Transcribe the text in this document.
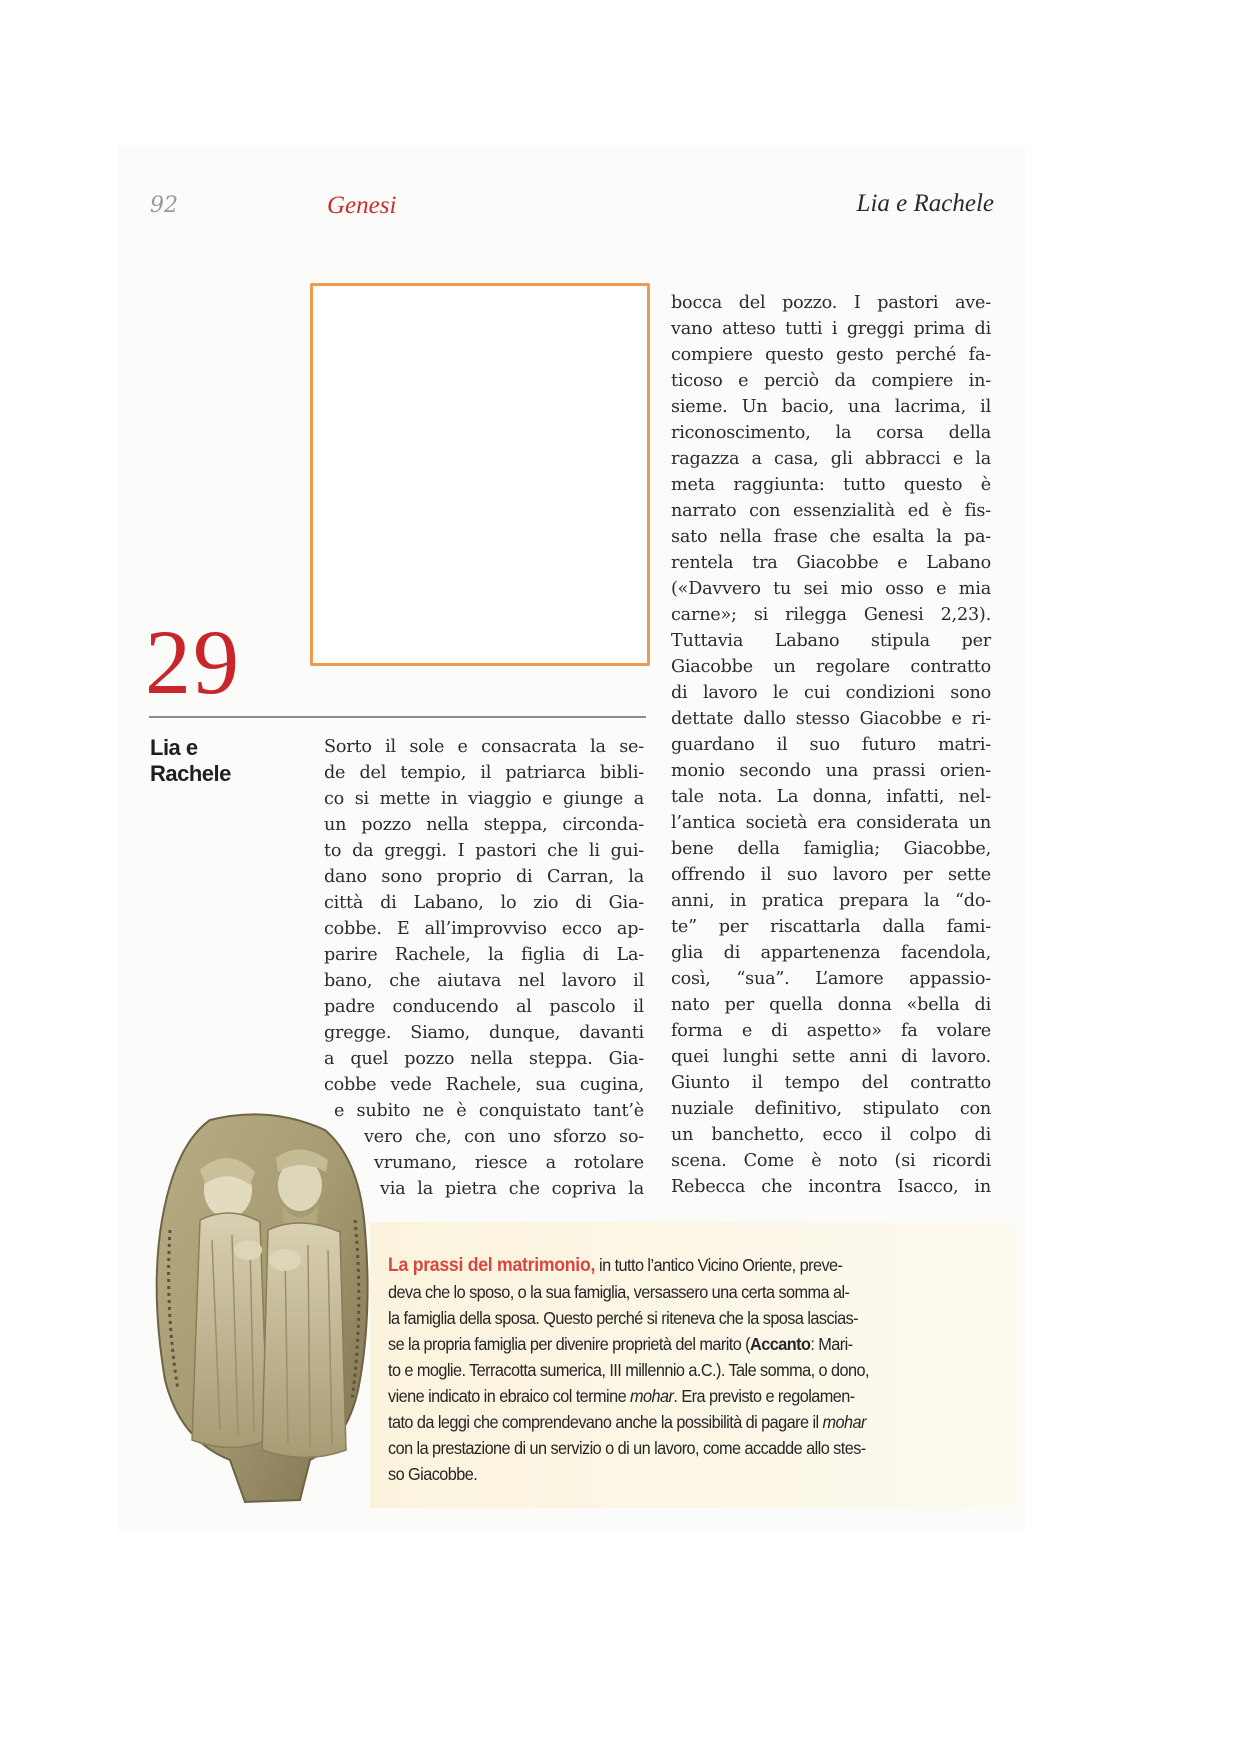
92	Genesi	Lia e Rachele
29
Lia e
Rachele
Sorto il sole e consacrata la se-
de del tempio, il patriarca bibli-
co si mette in viaggio e giunge a
un pozzo nella steppa, circonda-
to da greggi. I pastori che li gui-
dano sono proprio di Carran, la
città di Labano, lo zio di Gia-
cobbe. E all’improvviso ecco ap-
parire Rachele, la figlia di La-
bano, che aiutava nel lavoro il
padre conducendo al pascolo il
gregge. Siamo, dunque, davanti
a quel pozzo nella steppa. Gia-
cobbe vede Rachele, sua cugina,
e subito ne è conquistato tant’è
vero che, con uno sforzo so-
vrumano, riesce a rotolare
via la pietra che copriva la
bocca del pozzo. I pastori ave-
vano atteso tutti i greggi prima di
compiere questo gesto perché fa-
ticoso e perciò da compiere in-
sieme. Un bacio, una lacrima, il
riconoscimento, la corsa della
ragazza a casa, gli abbracci e la
meta raggiunta: tutto questo è
narrato con essenzialità ed è fis-
sato nella frase che esalta la pa-
rentela tra Giacobbe e Labano
(«Davvero tu sei mio osso e mia
carne»; si rilegga Genesi 2,23).
Tuttavia Labano stipula per
Giacobbe un regolare contratto
di lavoro le cui condizioni sono
dettate dallo stesso Giacobbe e ri-
guardano il suo futuro matri-
monio secondo una prassi orien-
tale nota. La donna, infatti, nel-
l’antica società era considerata un
bene della famiglia; Giacobbe,
offrendo il suo lavoro per sette
anni, in pratica prepara la “do-
te” per riscattarla dalla fami-
glia di appartenenza facendola,
così, “sua”. L’amore appassio-
nato per quella donna «bella di
forma e di aspetto» fa volare
quei lunghi sette anni di lavoro.
Giunto il tempo del contratto
nuziale definitivo, stipulato con
un banchetto, ecco il colpo di
scena. Come è noto (si ricordi
Rebecca che incontra Isacco, in
La prassi del matrimonio, in tutto l’antico Vicino Oriente, preve-
deva che lo sposo, o la sua famiglia, versassero una certa somma al-
la famiglia della sposa. Questo perché si riteneva che la sposa lascias-
se la propria famiglia per divenire proprietà del marito (Accanto: Mari-
to e moglie. Terracotta sumerica, III millennio a.C.). Tale somma, o dono,
viene indicato in ebraico col termine mohar. Era previsto e regolamen-
tato da leggi che comprendevano anche la possibilità di pagare il mohar
con la prestazione di un servizio o di un lavoro, come accadde allo stes-
so Giacobbe.
